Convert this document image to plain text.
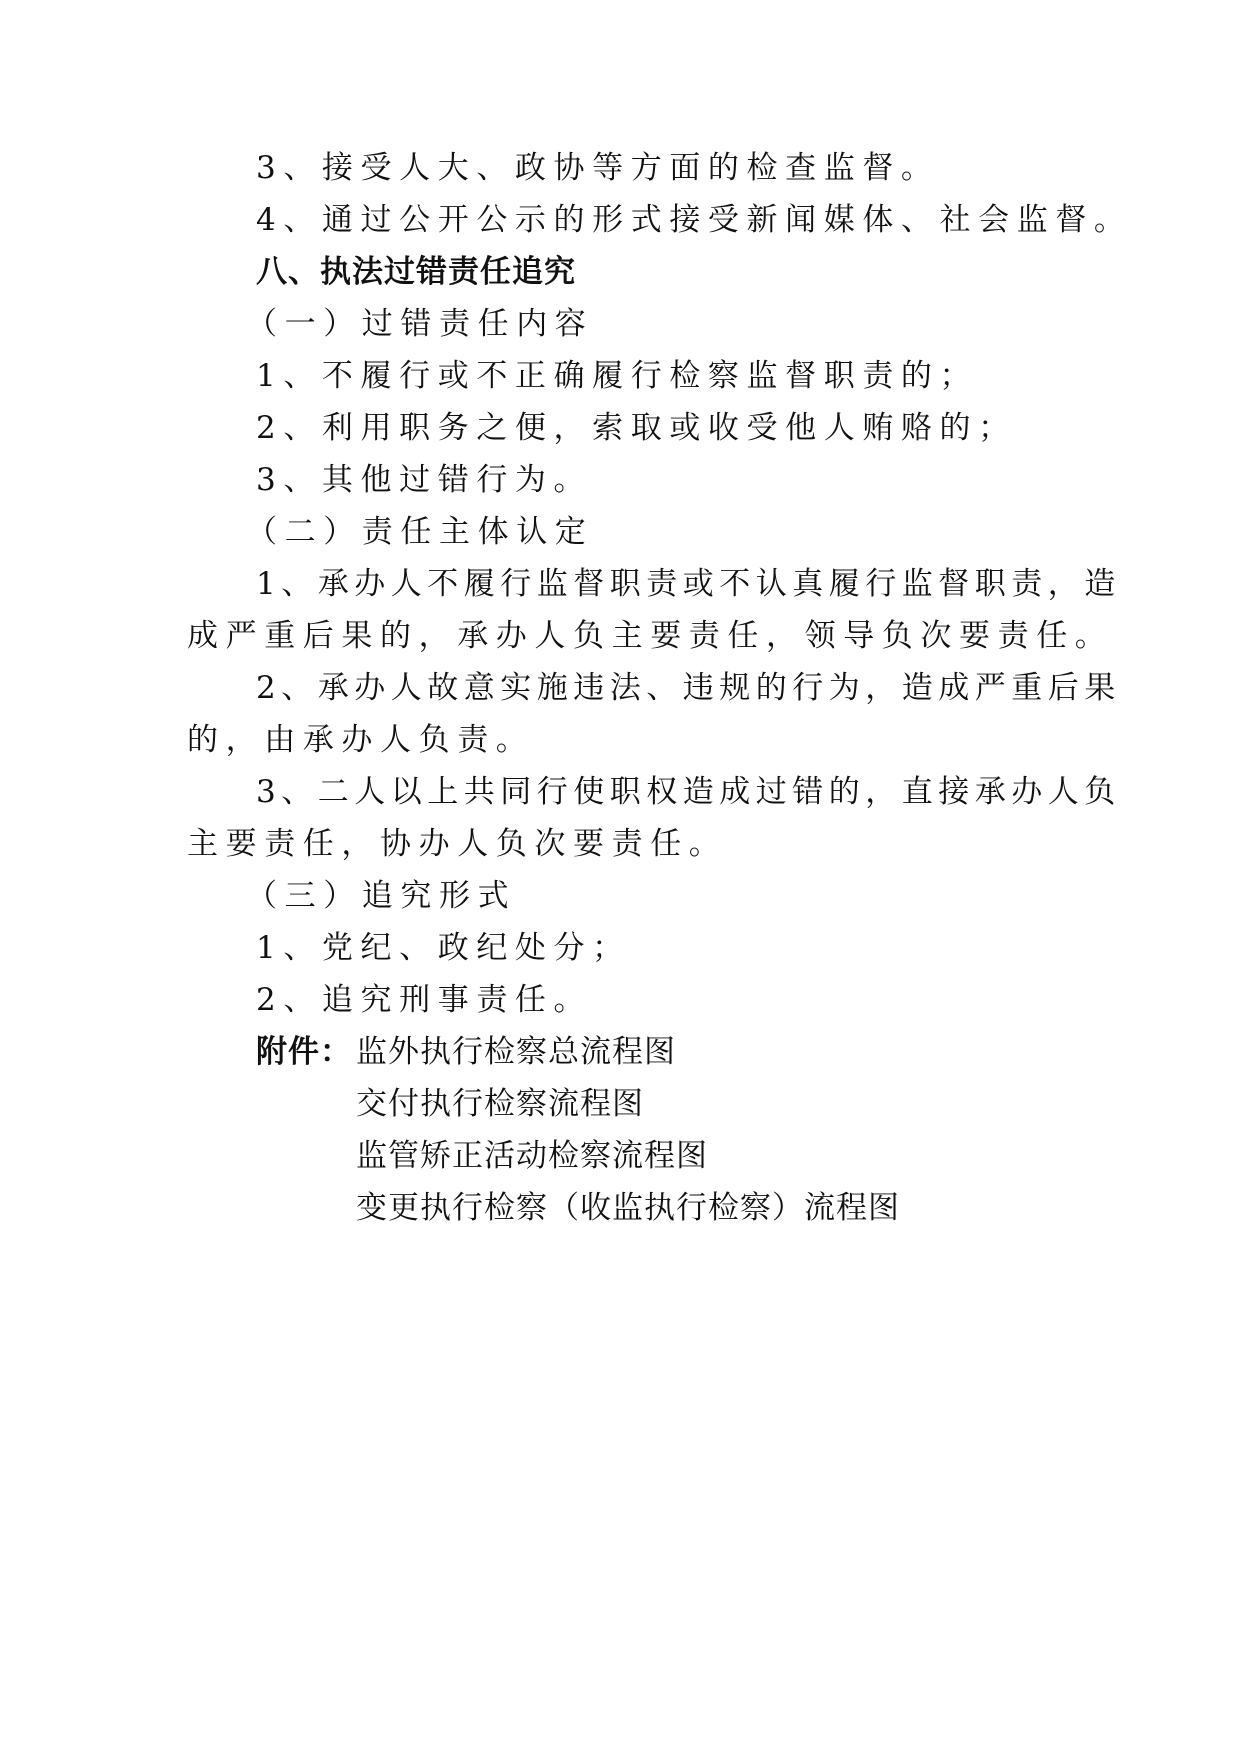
3、接受人大、政协等方面的检查监督。
4、通过公开公示的形式接受新闻媒体、社会监督。
八、执法过错责任追究
（一）过错责任内容
1、不履行或不正确履行检察监督职责的；
2、利用职务之便，索取或收受他人贿赂的；
3、其他过错行为。
（二）责任主体认定
1、承办人不履行监督职责或不认真履行监督职责，造
成严重后果的，承办人负主要责任，领导负次要责任。
2、承办人故意实施违法、违规的行为，造成严重后果
的，由承办人负责。
3、二人以上共同行使职权造成过错的，直接承办人负
主要责任，协办人负次要责任。
（三）追究形式
1、党纪、政纪处分；
2、追究刑事责任。
附件： 监外执行检察总流程图
交付执行检察流程图
监管矫正活动检察流程图
变更执行检察（收监执行检察）流程图
